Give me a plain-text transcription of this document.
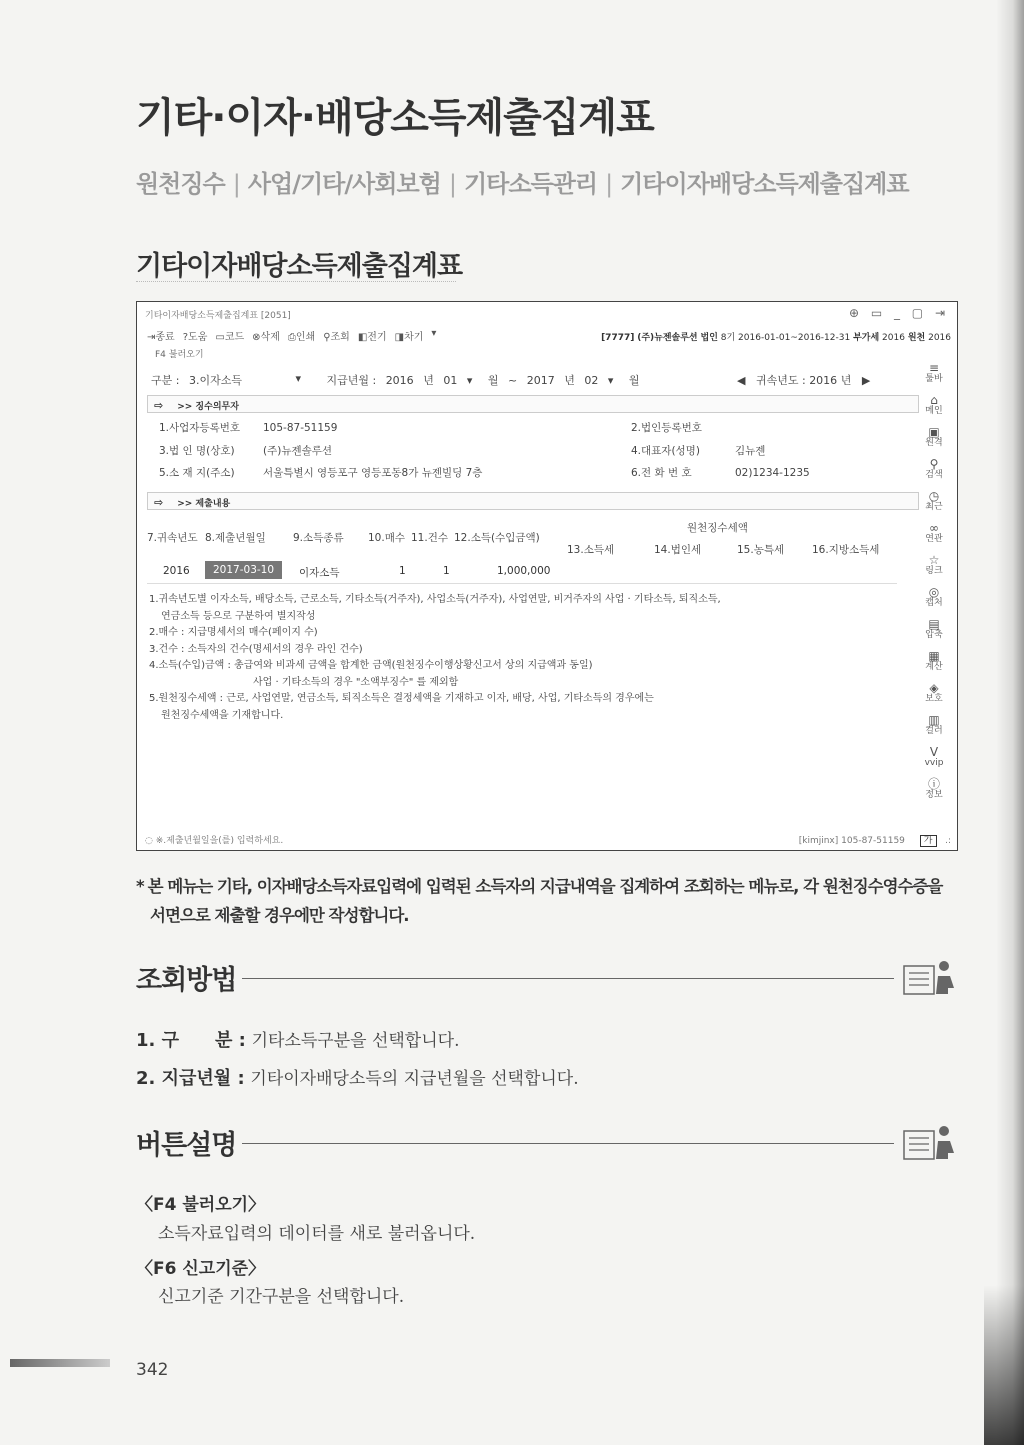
기타·이자·배당소득제출집계표
원천징수 | 사업/기타/사회보험 | 기타소득관리 | 기타이자배당소득제출집계표
기타이자배당소득제출집계표
기타이자배당소득제출집계표 [2051]	⊕ ▭ _ ▢ ⇥
⇥종료 ?도움 ▭코드 ⊗삭제 ⎙인쇄 ⚲조회 ◧전기 ◨차기 ▾	[7777] (주)뉴젠솔루션 법인 8기 2016-01-01~2016-12-31 부가세 2016 원천 2016
F4 불러오기
구분 : 3.이자소득	▾ 지급년월 : 2016 년 01 ▾ 월 ~ 2017 년 02 ▾ 월	◀ 귀속년도 : 2016 년 ▶
≡
툴바
⌂
메인
▣
원격
⚲
검색
◷
최근
∞
연관
☆
링크
◎
캡처
▤
압축
▦
계산
◈
보호
▥
컬러
V
vvip
ⓘ
정보
⇨ >> 징수의무자
1.사업자등록번호 105-87-51159	2.법인등록번호
3.법 인 명(상호)	(주)뉴젠솔루션	4.대표자(성명)	김뉴젠
5.소 재 지(주소)	서울특별시 영등포구 영등포동8가 뉴젠빌딩 7층	6.전 화 번 호	02)1234-1235
⇨ >> 제출내용
7.귀속년도 8.제출년월일	9.소득종류 10.매수 11.건수 12.소득(수입금액)
원천징수세액
13.소득세	14.법인세	15.농특세	16.지방소득세
2016	2017-03-10	이자소득	1	1	1,000,000
1.귀속년도별 이자소득, 배당소득, 근로소득, 기타소득(거주자), 사업소득(거주자), 사업연말, 비거주자의 사업 · 기타소득, 퇴직소득,
연금소득 등으로 구분하여 별지작성
2.매수 : 지급명세서의 매수(페이지 수)
3.건수 : 소득자의 건수(명세서의 경우 라인 건수)
4.소득(수입)금액 : 총급여와 비과세 금액을 합계한 금액(원천징수이행상황신고서 상의 지급액과 동일)
사업 · 기타소득의 경우 "소액부징수" 를 제외함
5.원천징수세액 : 근로, 사업연말, 연금소득, 퇴직소득은 결정세액을 기재하고 이자, 배당, 사업, 기타소득의 경우에는
원천징수세액을 기재합니다.
◌ ※.제출년월일을(를) 입력하세요.	[kimjinx] 105-87-51159 가   .:
* 본 메뉴는 기타, 이자배당소득자료입력에 입력된 소득자의 지급내역을 집계하여 조회하는 메뉴로, 각 원천징수영수증을
서면으로 제출할 경우에만 작성합니다.
조회방법
1. 구　　분 : 기타소득구분을 선택합니다.
2. 지급년월 : 기타이자배당소득의 지급년월을 선택합니다.
버튼설명
〈F4 불러오기〉
소득자료입력의 데이터를 새로 불러옵니다.
〈F6 신고기준〉
신고기준 기간구분을 선택합니다.
342
